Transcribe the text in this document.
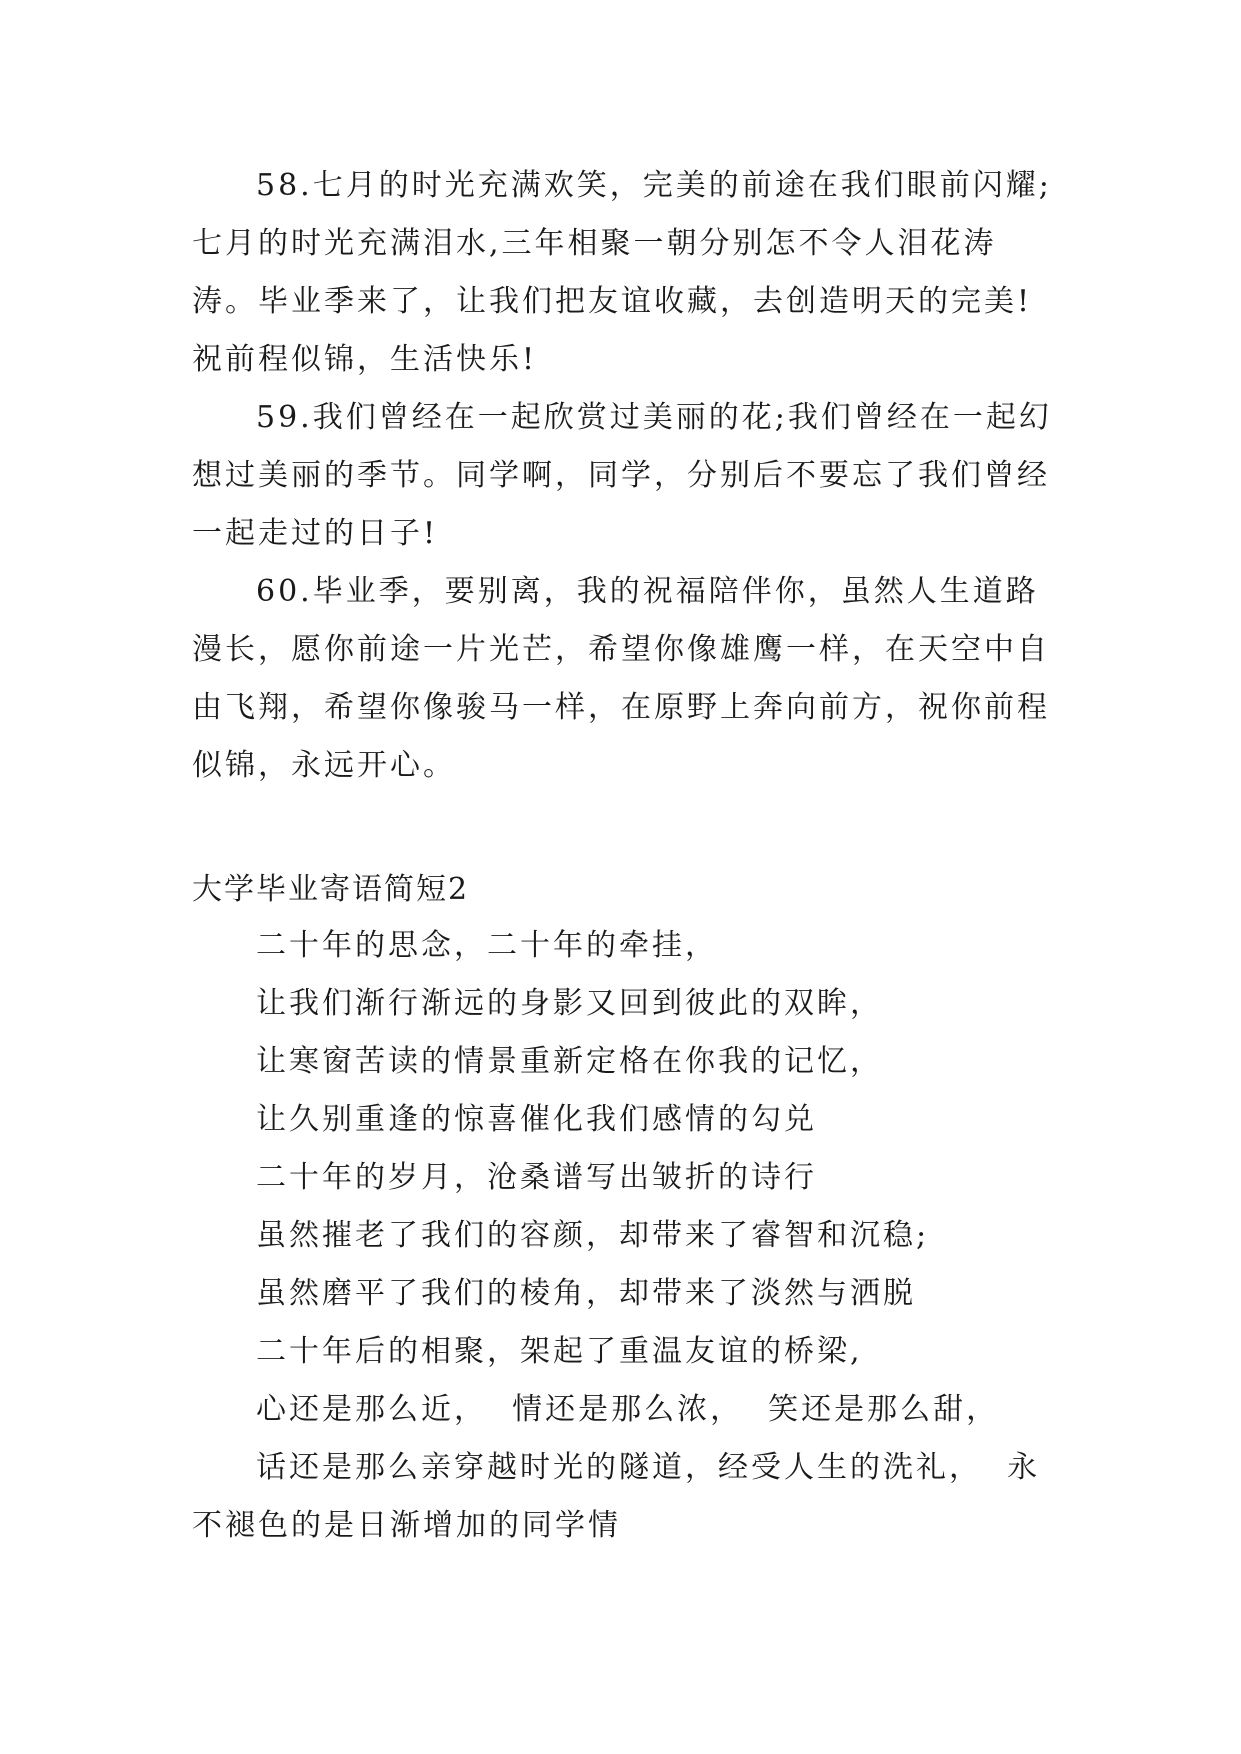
58.七月的时光充满欢笑，完美的前途在我们眼前闪耀;七月的时光充满泪水,三年相聚一朝分别怎不令人泪花涛涛。毕业季来了，让我们把友谊收藏，去创造明天的完美!祝前程似锦，生活快乐!

59.我们曾经在一起欣赏过美丽的花;我们曾经在一起幻想过美丽的季节。同学啊，同学，分别后不要忘了我们曾经一起走过的日子!

60.毕业季，要别离，我的祝福陪伴你，虽然人生道路漫长，愿你前途一片光芒，希望你像雄鹰一样，在天空中自由飞翔，希望你像骏马一样，在原野上奔向前方，祝你前程似锦，永远开心。

大学毕业寄语简短2

二十年的思念，二十年的牵挂，

让我们渐行渐远的身影又回到彼此的双眸，

让寒窗苦读的情景重新定格在你我的记忆，

让久别重逢的惊喜催化我们感情的勾兑

二十年的岁月，沧桑谱写出皱折的诗行

虽然摧老了我们的容颜，却带来了睿智和沉稳;

虽然磨平了我们的棱角，却带来了淡然与洒脱

二十年后的相聚，架起了重温友谊的桥梁,

心还是那么近，  情还是那么浓，  笑还是那么甜，

话还是那么亲穿越时光的隧道，经受人生的洗礼，  永不褪色的是日渐增加的同学情
